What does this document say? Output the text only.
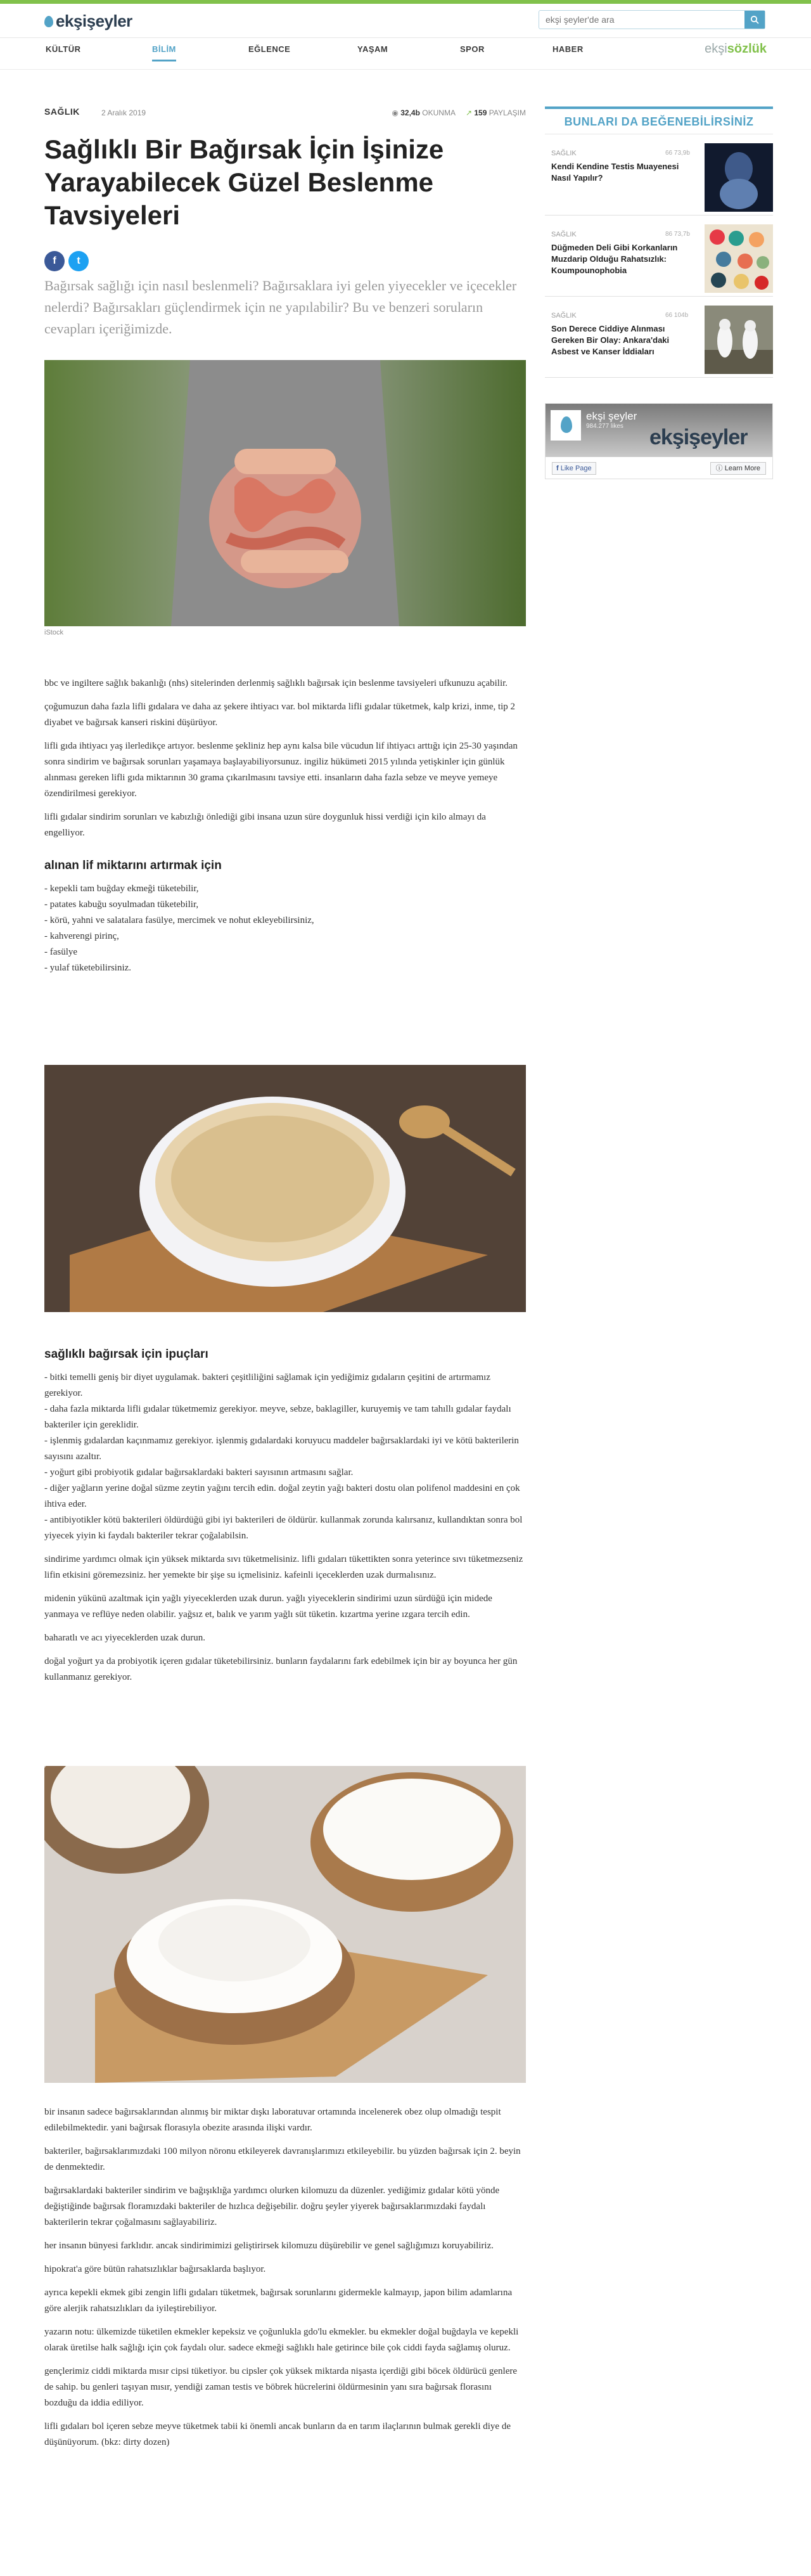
ekşişeyler
ekşi şeyler'de ara
KÜLTÜR	BİLİM	EĞLENCE	YAŞAM	SPOR	HABER	ekşisözlük
SAĞLIK	2 Aralık 2019	◉ 32,4b OKUNMA ↗ 159 PAYLAŞIM
Sağlıklı Bir Bağırsak İçin İşinize Yarayabilecek Güzel Beslenme Tavsiyeleri
f t

Bağırsak sağlığı için nasıl beslenmeli? Bağırsaklara iyi gelen yiyecekler ve içecekler nelerdi? Bağırsakları güçlendirmek için ne yapılabilir? Bu ve benzeri soruların cevapları içeriğimizde.

iStock

bbc ve ingiltere sağlık bakanlığı (nhs) sitelerinden derlenmiş sağlıklı bağırsak için beslenme tavsiyeleri ufkunuzu açabilir.

çoğumuzun daha fazla lifli gıdalara ve daha az şekere ihtiyacı var. bol miktarda lifli gıdalar tüketmek, kalp krizi, inme, tip 2 diyabet ve bağırsak kanseri riskini düşürüyor.

lifli gıda ihtiyacı yaş ilerledikçe artıyor. beslenme şekliniz hep aynı kalsa bile vücudun lif ihtiyacı arttığı için 25-30 yaşından sonra sindirim ve bağırsak sorunları yaşamaya başlayabiliyorsunuz. ingiliz hükümeti 2015 yılında yetişkinler için günlük alınması gereken lifli gıda miktarının 30 grama çıkarılmasını tavsiye etti. insanların daha fazla sebze ve meyve yemeye özendirilmesi gerekiyor.

lifli gıdalar sindirim sorunları ve kabızlığı önlediği gibi insana uzun süre doygunluk hissi verdiği için kilo almayı da engelliyor.

alınan lif miktarını artırmak için
- kepekli tam buğday ekmeği tüketebilir,
- patates kabuğu soyulmadan tüketebilir,
- körü, yahni ve salatalara fasülye, mercimek ve nohut ekleyebilirsiniz,
- kahverengi pirinç,
- fasülye
- yulaf tüketebilirsiniz.
sağlıklı bağırsak için ipuçları
- bitki temelli geniş bir diyet uygulamak. bakteri çeşitliliğini sağlamak için yediğimiz gıdaların çeşitini de artırmamız gerekiyor.
- daha fazla miktarda lifli gıdalar tüketmemiz gerekiyor. meyve, sebze, baklagiller, kuruyemiş ve tam tahıllı gıdalar faydalı bakteriler için gereklidir.
- işlenmiş gıdalardan kaçınmamız gerekiyor. işlenmiş gıdalardaki koruyucu maddeler bağırsaklardaki iyi ve kötü bakterilerin sayısını azaltır.
- yoğurt gibi probiyotik gıdalar bağırsaklardaki bakteri sayısının artmasını sağlar.
- diğer yağların yerine doğal süzme zeytin yağını tercih edin. doğal zeytin yağı bakteri dostu olan polifenol maddesini en çok ihtiva eder.
- antibiyotikler kötü bakterileri öldürdüğü gibi iyi bakterileri de öldürür. kullanmak zorunda kalırsanız, kullandıktan sonra bol yiyecek yiyin ki faydalı bakteriler tekrar çoğalabilsin.

sindirime yardımcı olmak için yüksek miktarda sıvı tüketmelisiniz. lifli gıdaları tükettikten sonra yeterince sıvı tüketmezseniz lifin etkisini göremezsiniz. her yemekte bir şişe su içmelisiniz. kafeinli içeceklerden uzak durmalısınız.

midenin yükünü azaltmak için yağlı yiyeceklerden uzak durun. yağlı yiyeceklerin sindirimi uzun sürdüğü için midede yanmaya ve reflüye neden olabilir. yağsız et, balık ve yarım yağlı süt tüketin. kızartma yerine ızgara tercih edin.

baharatlı ve acı yiyeceklerden uzak durun.

doğal yoğurt ya da probiyotik içeren gıdalar tüketebilirsiniz. bunların faydalarını fark edebilmek için bir ay boyunca her gün kullanmanız gerekiyor.

bir insanın sadece bağırsaklarından alınmış bir miktar dışkı laboratuvar ortamında incelenerek obez olup olmadığı tespit edilebilmektedir. yani bağırsak florasıyla obezite arasında ilişki vardır.

bakteriler, bağırsaklarımızdaki 100 milyon nöronu etkileyerek davranışlarımızı etkileyebilir. bu yüzden bağırsak için 2. beyin de denmektedir.

bağırsaklardaki bakteriler sindirim ve bağışıklığa yardımcı olurken kilomuzu da düzenler. yediğimiz gıdalar kötü yönde değiştiğinde bağırsak floramızdaki bakteriler de hızlıca değişebilir. doğru şeyler yiyerek bağırsaklarımızdaki faydalı bakterilerin tekrar çoğalmasını sağlayabiliriz.

her insanın bünyesi farklıdır. ancak sindirimimizi geliştirirsek kilomuzu düşürebilir ve genel sağlığımızı koruyabiliriz.

hipokrat'a göre bütün rahatsızlıklar bağırsaklarda başlıyor.

ayrıca kepekli ekmek gibi zengin lifli gıdaları tüketmek, bağırsak sorunlarını gidermekle kalmayıp, japon bilim adamlarına göre alerjik rahatsızlıkları da iyileştirebiliyor.

yazarın notu: ülkemizde tüketilen ekmekler kepeksiz ve çoğunlukla gdo'lu ekmekler. bu ekmekler doğal buğdayla ve kepekli olarak üretilse halk sağlığı için çok faydalı olur. sadece ekmeği sağlıklı hale getirince bile çok ciddi fayda sağlamış oluruz.

gençlerimiz ciddi miktarda mısır cipsi tüketiyor. bu cipsler çok yüksek miktarda nişasta içerdiği gibi böcek öldürücü genlere de sahip. bu genleri taşıyan mısır, yendiği zaman testis ve böbrek hücrelerini öldürmesinin yanı sıra bağırsak florasını bozduğu da iddia ediliyor.

lifli gıdaları bol içeren sebze meyve tüketmek tabii ki önemli ancak bunların da en tarım ilaçlarının bulmak gerekli diye de düşünüyorum. (bkz: dirty dozen)

BUNLARI DA BEĞENEBİLİRSİNİZ
SAĞLIK	66 73,9b
Kendi Kendine Testis Muayenesi Nasıl Yapılır?
SAĞLIK	86 73,7b
Düğmeden Deli Gibi Korkanların Muzdarip Olduğu Rahatsızlık: Koumpounophobia
SAĞLIK	66 104b
Son Derece Ciddiye Alınması Gereken Bir Olay: Ankara'daki Asbest ve Kanser İddiaları
ekşi şeyler
984.277 likes ekşişeyler
f Like Page	ⓘ Learn More
